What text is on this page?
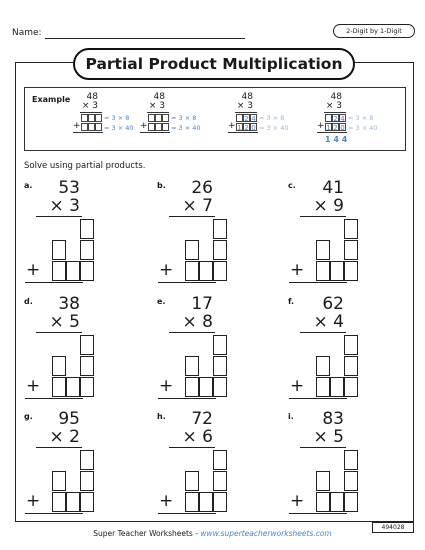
Name:	2-Digit by 1-Digit
Partial Product Multiplication
Example	48
× 3
+
= 3 × 8
= 3 × 40
48
× 3
+
= 3 × 8
= 3 × 40
48
× 3
2 4
1 2 0
+
= 3 × 8
= 3 × 40
48
× 3
2 4
1 2 0
+
= 3 × 8
= 3 × 40
1 4 4
Solve using partial products.
a.	53
× 3
+
b.	26
× 7
+
c.	41
× 9
+
d.	38
× 5
+
e.	17
× 8
+
f.	62
× 4
+
g.	95
× 2
+
h.	72
× 6
+
i.	83
× 5
+
Super Teacher Worksheets - www.superteacherworksheets.com
494028
